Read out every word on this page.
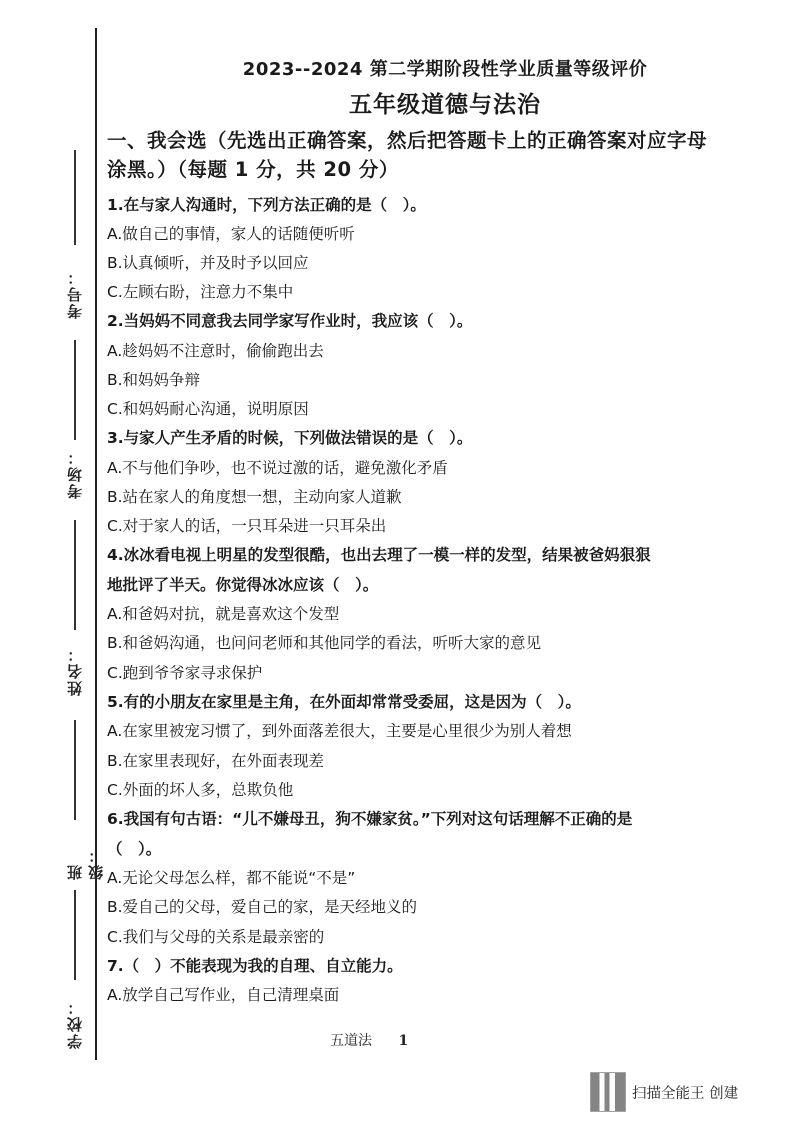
考号：
考场：
姓名：
班级：
学校：
2023--2024 第二学期阶段性学业质量等级评价
五年级道德与法治
一、我会选（先选出正确答案，然后把答题卡上的正确答案对应字母
涂黑。）（每题 1 分，共 20 分）
1.在与家人沟通时，下列方法正确的是（　）。
A.做自己的事情，家人的话随便听听
B.认真倾听，并及时予以回应
C.左顾右盼，注意力不集中
2.当妈妈不同意我去同学家写作业时，我应该（　）。
A.趁妈妈不注意时，偷偷跑出去
B.和妈妈争辩
C.和妈妈耐心沟通，说明原因
3.与家人产生矛盾的时候，下列做法错误的是（　）。
A.不与他们争吵，也不说过激的话，避免激化矛盾
B.站在家人的角度想一想，主动向家人道歉
C.对于家人的话，一只耳朵进一只耳朵出
4.冰冰看电视上明星的发型很酷，也出去理了一模一样的发型，结果被爸妈狠狠
地批评了半天。你觉得冰冰应该（　）。
A.和爸妈对抗，就是喜欢这个发型
B.和爸妈沟通，也问问老师和其他同学的看法，听听大家的意见
C.跑到爷爷家寻求保护
5.有的小朋友在家里是主角，在外面却常常受委屈，这是因为（　）。
A.在家里被宠习惯了，到外面落差很大，主要是心里很少为别人着想
B.在家里表现好，在外面表现差
C.外面的坏人多，总欺负他
6.我国有句古语：“儿不嫌母丑，狗不嫌家贫。”下列对这句话理解不正确的是
（　）。
A.无论父母怎么样，都不能说“不是”
B.爱自己的父母，爱自己的家，是天经地义的
C.我们与父母的关系是最亲密的
7.（　）不能表现为我的自理、自立能力。
A.放学自己写作业，自己清理桌面
五道法 1
扫描全能王 创建
